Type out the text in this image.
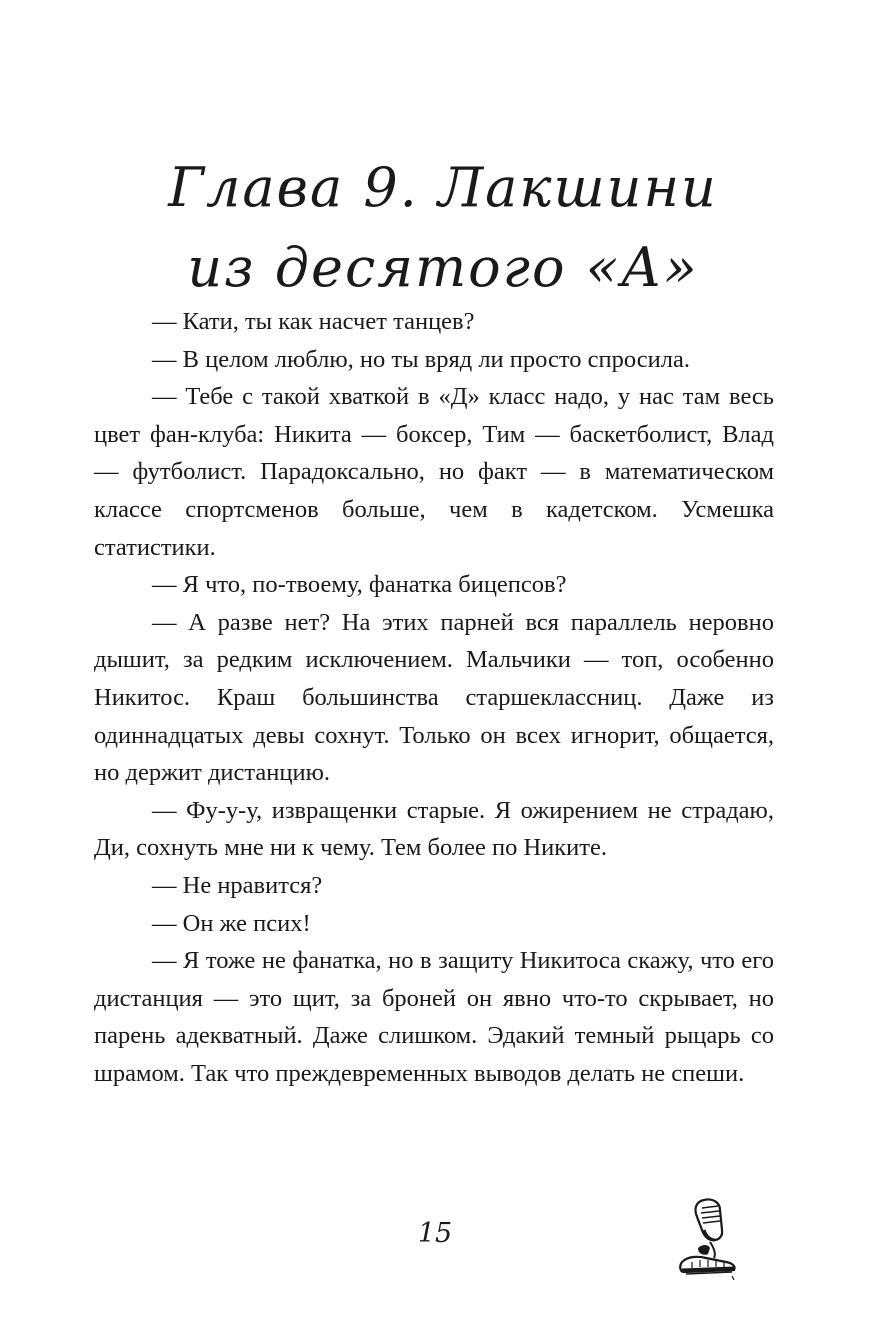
Глава 9. Лакшини
из десятого «А»

— Кати, ты как насчет танцев?

— В целом люблю, но ты вряд ли просто спросила.

— Тебе с такой хваткой в «Д» класс надо, у нас там весь цвет фан-клуба: Никита — боксер, Тим — баскетболист, Влад — футболист. Парадоксально, но факт — в математическом классе спортсменов больше, чем в кадетском. Усмешка статистики.

— Я что, по-твоему, фанатка бицепсов?

— А разве нет? На этих парней вся параллель неровно дышит, за редким исключением. Мальчики — топ, особенно Никитос. Краш большинства старшеклассниц. Даже из одиннадцатых девы сохнут. Только он всех игнорит, общается, но держит дистанцию.

— Фу-у-у, извращенки старые. Я ожирением не страдаю, Ди, сохнуть мне ни к чему. Тем более по Никите.

— Не нравится?

— Он же псих!

— Я тоже не фанатка, но в защиту Никитоса скажу, что его дистанция — это щит, за броней он явно что-то скрывает, но парень адекватный. Даже слишком. Эдакий темный рыцарь со шрамом. Так что преждевременных выводов делать не спеши.

15
